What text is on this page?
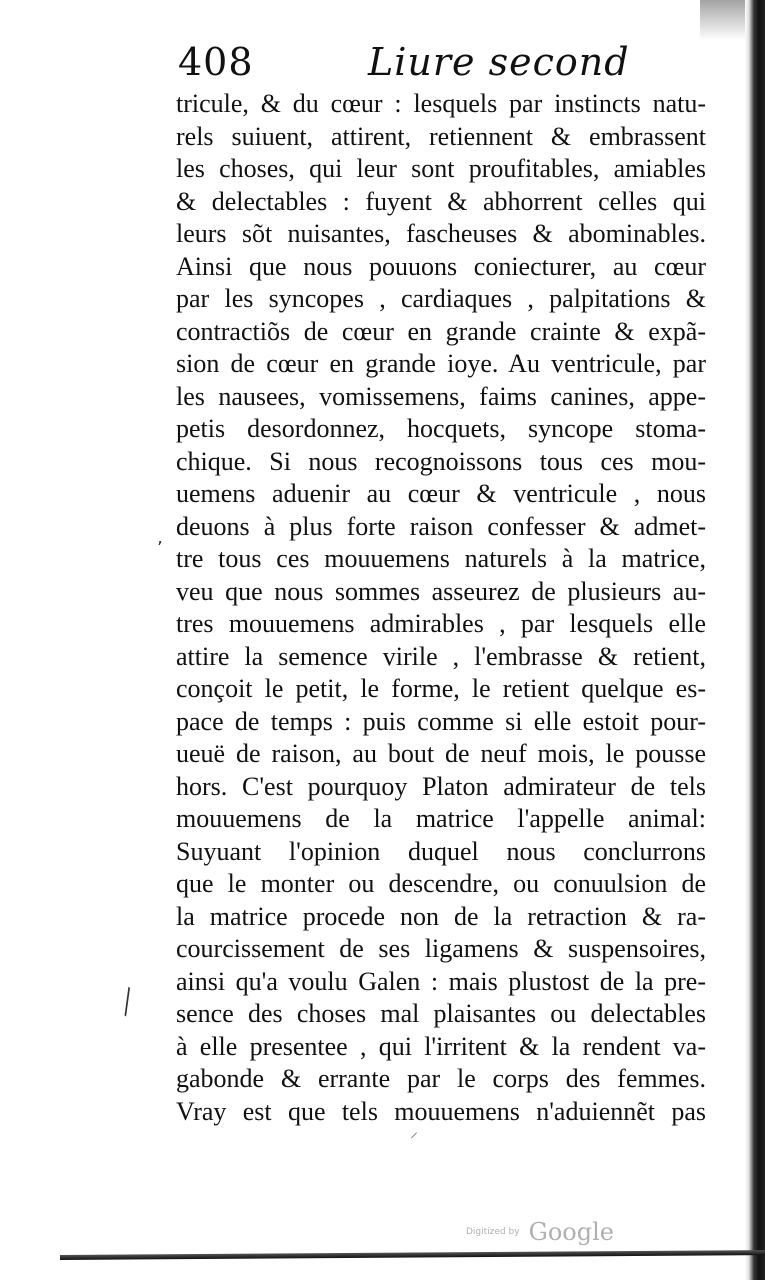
408	Liure second
tricule, & du cœur : lesquels par instincts natu-
rels suiuent, attirent, retiennent & embrassent
les choses, qui leur sont proufitables, amiables
& delectables : fuyent & abhorrent celles qui
leurs sõt nuisantes, fascheuses & abominables.
Ainsi que nous pouuons coniecturer, au cœur
par les syncopes , cardiaques , palpitations &
contractiõs de cœur en grande crainte & expã-
sion de cœur en grande ioye. Au ventricule, par
les nausees, vomissemens, faims canines, appe-
petis desordonnez, hocquets, syncope stoma-
chique. Si nous recognoissons tous ces mou-
uemens aduenir au cœur & ventricule , nous
deuons à plus forte raison confesser & admet-
tre tous ces mouuemens naturels à la matrice,
veu que nous sommes asseurez de plusieurs au-
tres mouuemens admirables , par lesquels elle
attire la semence virile , l'embrasse & retient,
conçoit le petit, le forme, le retient quelque es-
pace de temps : puis comme si elle estoit pour-
ueuë de raison, au bout de neuf mois, le pousse
hors. C'est pourquoy Platon admirateur de tels
mouuemens de la matrice l'appelle animal:
Suyuant l'opinion duquel nous conclurrons
que le monter ou descendre, ou conuulsion de
la matrice procede non de la retraction & ra-
courcissement de ses ligamens & suspensoires,
ainsi qu'a voulu Galen : mais plustost de la pre-
sence des choses mal plaisantes ou delectables
à elle presentee , qui l'irritent & la rendent va-
gabonde & errante par le corps des femmes.
Vray est que tels mouuemens n'aduiennẽt pas
’
╲
⸝
Digitized by Google
